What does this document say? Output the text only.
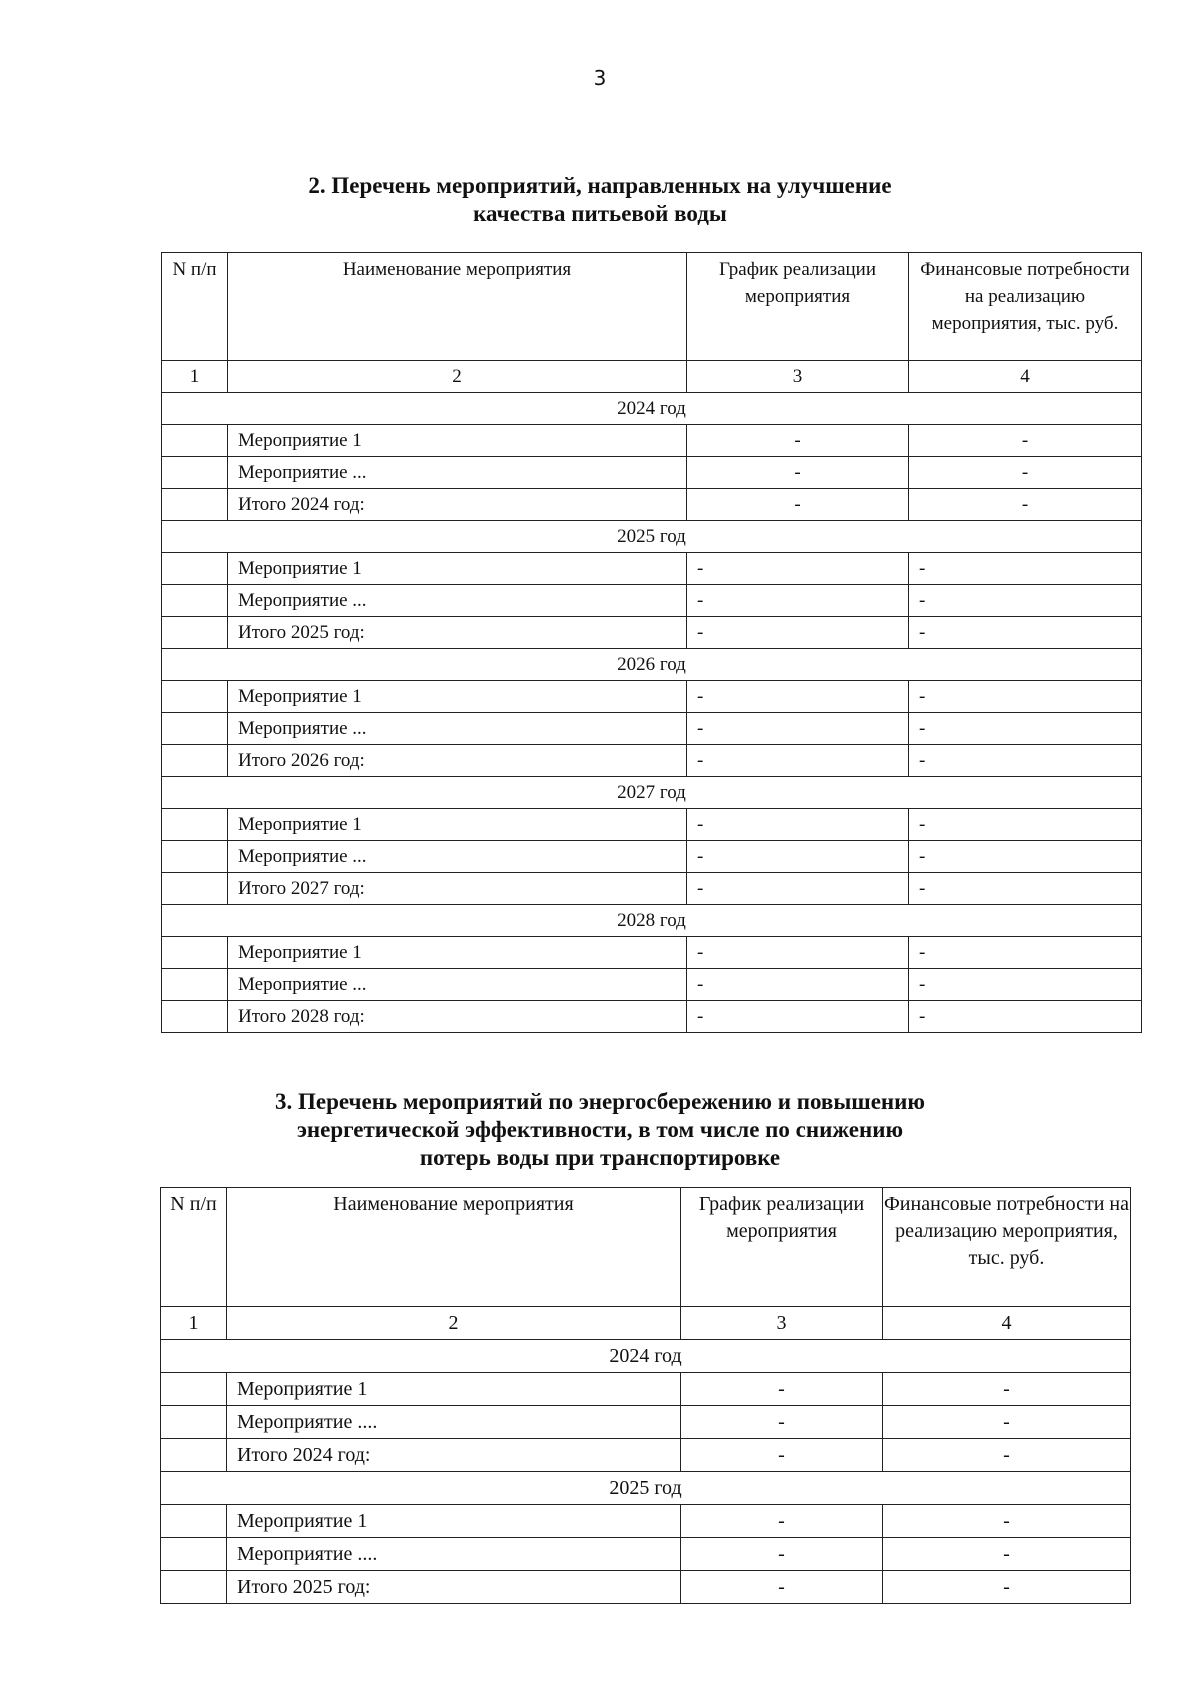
3
2. Перечень мероприятий, направленных на улучшение
качества питьевой воды
N п/п	Наименование мероприятия	График реализации мероприятия	Финансовые потребности на реализацию мероприятия, тыс. руб.
1	2	3	4
2024 год			
	Мероприятие 1	-	-
	Мероприятие ...	-	-
	Итого 2024 год:	-	-
2025 год			
	Мероприятие 1	-	-
	Мероприятие ...	-	-
	Итого 2025 год:	-	-
2026 год			
	Мероприятие 1	-	-
	Мероприятие ...	-	-
	Итого 2026 год:	-	-
2027 год			
	Мероприятие 1	-	-
	Мероприятие ...	-	-
	Итого 2027 год:	-	-
2028 год			
	Мероприятие 1	-	-
	Мероприятие ...	-	-
	Итого 2028 год:	-	-
3. Перечень мероприятий по энергосбережению и повышению
энергетической эффективности, в том числе по снижению
потерь воды при транспортировке
N п/п	Наименование мероприятия	График реализации мероприятия	Финансовые потребности на реализацию мероприятия, тыс. руб.
1	2	3	4
2024 год			
	Мероприятие 1	-	-
	Мероприятие ....	-	-
	Итого 2024 год:	-	-
2025 год			
	Мероприятие 1	-	-
	Мероприятие ....	-	-
	Итого 2025 год:	-	-
